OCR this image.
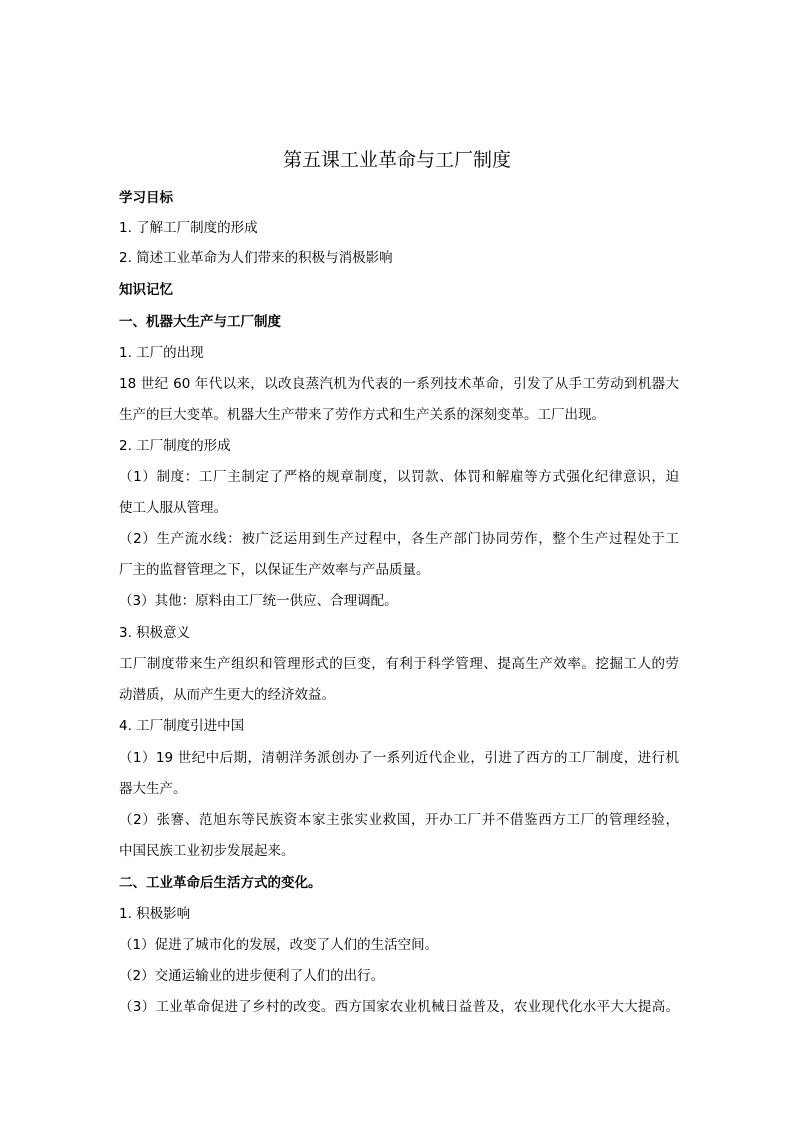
第五课工业革命与工厂制度
学习目标
1. 了解工厂制度的形成
2. 简述工业革命为人们带来的积极与消极影响
知识记忆
一、机器大生产与工厂制度
1. 工厂的出现
18 世纪 60 年代以来，以改良蒸汽机为代表的一系列技术革命，引发了从手工劳动到机器大
生产的巨大变革。机器大生产带来了劳作方式和生产关系的深刻变革。工厂出现。
2. 工厂制度的形成
（1）制度：工厂主制定了严格的规章制度，以罚款、体罚和解雇等方式强化纪律意识，迫
使工人服从管理。
（2）生产流水线：被广泛运用到生产过程中，各生产部门协同劳作，整个生产过程处于工
厂主的监督管理之下，以保证生产效率与产品质量。
（3）其他：原料由工厂统一供应、合理调配。
3. 积极意义
工厂制度带来生产组织和管理形式的巨变，有利于科学管理、提高生产效率。挖掘工人的劳
动潜质，从而产生更大的经济效益。
4. 工厂制度引进中国
（1）19 世纪中后期，清朝洋务派创办了一系列近代企业，引进了西方的工厂制度，进行机
器大生产。
（2）张謇、范旭东等民族资本家主张实业救国，开办工厂并不借鉴西方工厂的管理经验，
中国民族工业初步发展起来。
二、工业革命后生活方式的变化。
1. 积极影响
（1）促进了城市化的发展，改变了人们的生活空间。
（2）交通运输业的进步便利了人们的出行。
（3）工业革命促进了乡村的改变。西方国家农业机械日益普及，农业现代化水平大大提高。
